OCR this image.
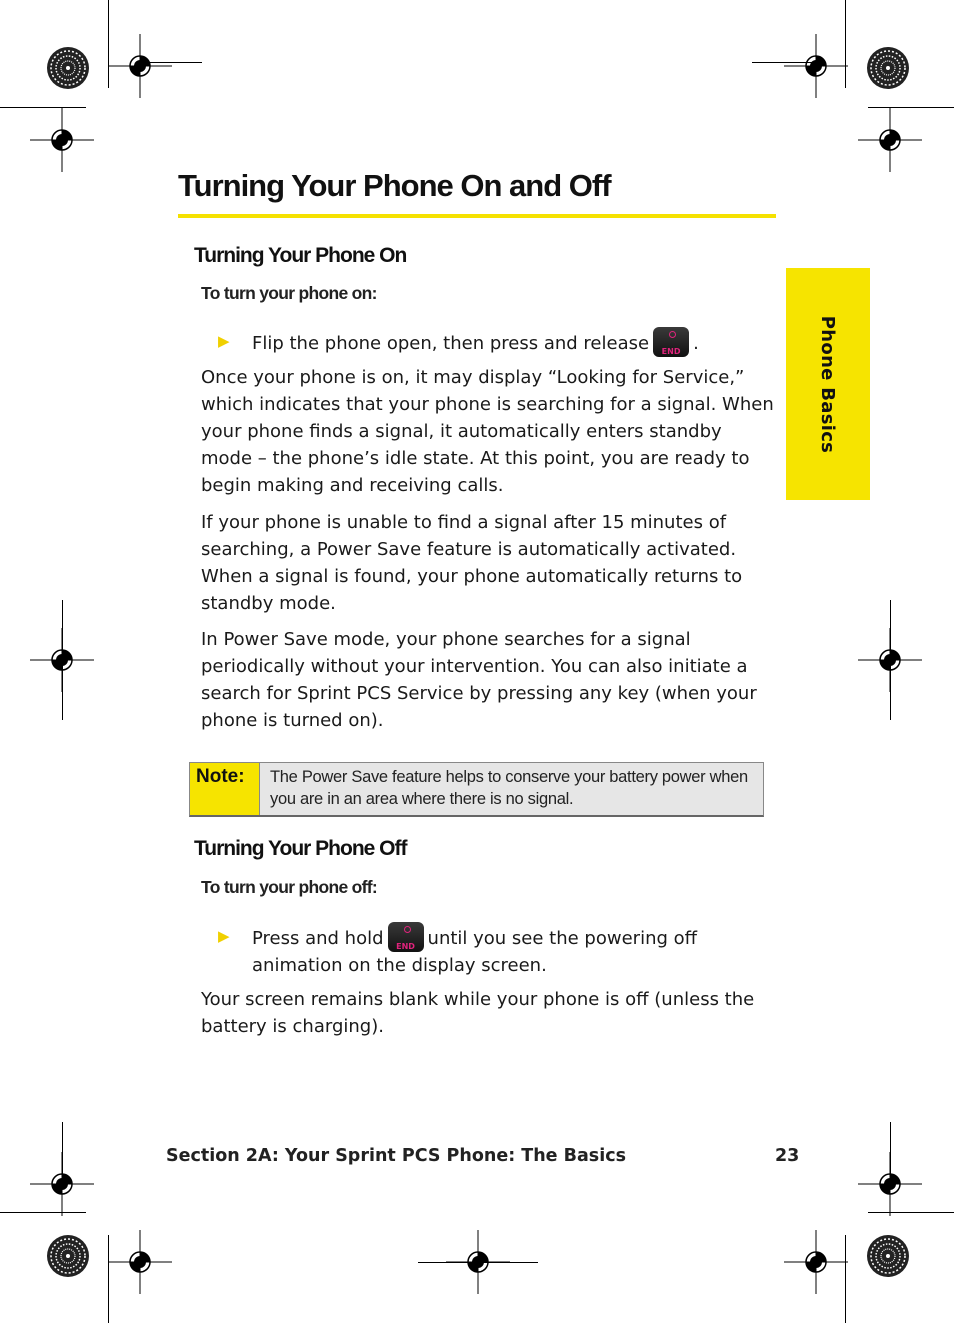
Turning Your Phone On and Off
Phone Basics
Turning Your Phone On
To turn your phone on:
▶ Flip the phone open, then press and release	END .

Once your phone is on, it may display “Looking for Service,” which indicates that your phone is searching for a signal. When your phone finds a signal, it automatically enters standby mode – the phone’s idle state. At this point, you are ready to begin making and receiving calls.

If your phone is unable to find a signal after 15 minutes of searching, a Power Save feature is automatically activated. When a signal is found, your phone automatically returns to standby mode.

In Power Save mode, your phone searches for a signal periodically without your intervention. You can also initiate a search for Sprint PCS Service by pressing any key (when your phone is turned on).

Note: The Power Save feature helps to conserve your battery power when you are in an area where there is no signal.
Turning Your Phone Off
To turn your phone off:
▶ Press and hold	END until you see the powering off animation on the display screen.

Your screen remains blank while your phone is off (unless the battery is charging).

Section 2A: Your Sprint PCS Phone: The Basics	23
